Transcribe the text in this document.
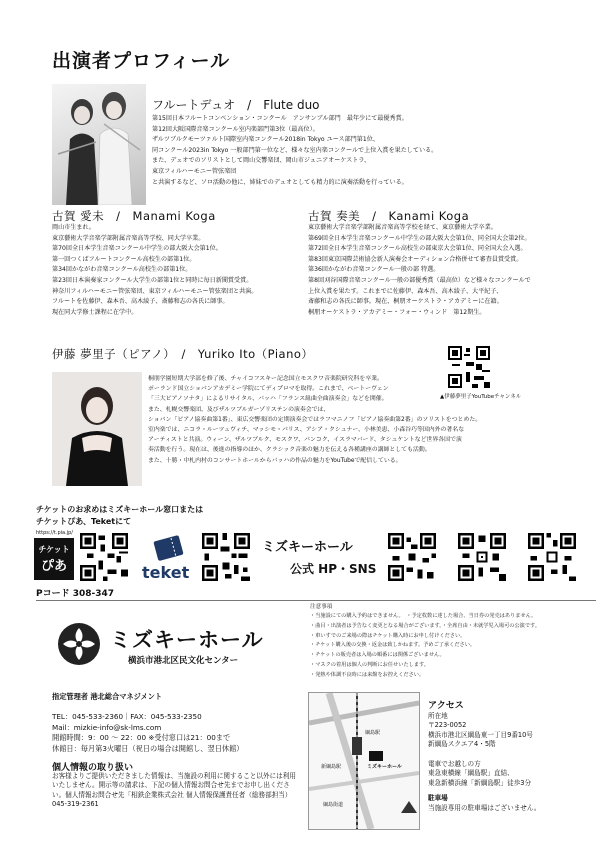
出演者プロフィール
フルートデュオ　/　Flute duo
第15回日本フルートコンベンション・コンクール　アンサンブル部門　最年少にて最優秀賞。
第12回大阪国際音楽コンクール室内楽部門第3位（最高位）。
ザルツブルクモーツァルト国際室内楽コンクール2018in Tokyo ユース部門第1位、
同コンクール2023in Tokyo 一般部門第一位など、様々な室内楽コンクールで上位入賞を果たしている。
また、デュオでのソリストとして岡山交響楽団、岡山市ジュニアオーケストラ、
東京フィルハーモニー管弦楽団
と共演するなど、ソロ活動の他に、姉妹でのデュオとしても精力的に演奏活動を行っている。
古賀 愛未　/　Manami Koga
岡山市生まれ。
東京藝術大学音楽学部附属音楽高等学校、同大学卒業。
第70回全日本学生音楽コンクール中学生の部大阪大会第1位。
第一回つくばフルートコンクール高校生の部第1位。
第34回かながわ音楽コンクール高校生の部第1位。
第23回日本演奏家コンクール大学生の部第1位と同時に毎日新聞賞受賞。
神奈川フィルハーモニー管弦楽団、東京フィルハーモニー管弦楽団と共演。
フルートを佐藤伊、森本吾、高木綾子、斎藤和志の各氏に師事。
現在同大学修士課程に在学中。
古賀 奏美　/　Kanami Koga
東京藝術大学音楽学部附属音楽高等学校を経て、東京藝術大学卒業。
第69回全日本学生音楽コンクール中学生の部大阪大会第1位、同全国大会第2位。
第72回全日本学生音楽コンクール高校生の部東京大会第1位、同全国大会入選。
第83回東京国際芸術協会新人演奏会オーディション合格併せて審査員賞受賞。
第36回かながわ音楽コンクール一般の部 特選。
第8回刈谷国際音楽コンクール一般の部優秀賞（最高位）など様々なコンクールで
上位入賞を果たす。これまでに佐藤伊、森本吾、高木綾子、大平紀子、
斎藤和志の各氏に師事。現在、桐朋オーケストラ・アカデミーに在籍。
桐朋オーケストラ・アカデミー・フォー・ウィンド　第12期生。
伊藤 夢里子（ピアノ）　/　Yuriko Ito（Piano）
▲伊藤夢里子YouTubeチャンネル
桐朋学園短期大学部を修了後、チャイコフスキー記念国立モスクワ音楽院研究科を卒業。
ポーランド国立ショパンアカデミー学院にてディプロマを取得。これまで、ベートーヴェン
「三大ピアノソナタ」によるリサイタル、バッハ「フランス組曲全曲演奏会」などを開催。
また、札幌交響楽団、及びザルツブルガーゾリステンの演奏会では、
ショパン「ピアノ協奏曲第1番」、東広交響楽団の定期演奏会ではラフマニノフ「ピアノ協奏曲第2番」のソリストをつとめた。
室内楽では、ニコラ・ルーツェヴィチ、マッシモ・パリス、アシア・クシュナー、小林美恵、小森谷巧等国内外の著名な
アーティストと共演。ウィーン、ザルツブルク、モスクワ、パンコク、イスラマバード、タシュケントなど世界各国で演
奏活動を行う。現在は、後進の指導のほか、クラシック音楽の魅力を伝える各種講座の講師としても活動。
また、十勝・中札内村のコンサートホールからバッハの作品の魅力をYouTubeで配信している。
チケットのお求めはミズキーホール窓口または
チケットぴあ、Teketにて
https://t.pia.jp/
チケット
ぴあ
Pコード 308-347
teket
ミズキーホール
公式 HP・SNS
ミズキーホール
横浜市港北区民文化センター
指定管理者 港北総合マネジメント
TEL：045-533-2360｜FAX：045-533-2350
Mail：mizkie-info@sk-lms.com
開館時間：9：00 ～ 22：00 ※受付窓口は21：00まで
休館日：毎月第3火曜日（祝日の場合は開館し、翌日休館）
個人情報の取り扱い
お客様よりご提供いただきました情報は、当施設の利用に関すること以外には利用いたしません。開示等の請求は、下記の個人情報お問合せ先までお申し出ください。個人情報お問合せ先「相鉄企業株式会社 個人情報保護責任者（総務部担当）045-319-2361
注意事項
・当施設にての購入予約はできません。　・予定枚数に達した場合、当日券の発売はありません。
・曲目・出演者は予告なく変更となる場合がございます。・全席自由・未就学児入場可の公演です。
・車いすでのご来場の際はチケット購入時にお申し付けください。
・チケット購入後の交換・返金は致しかねます。予めご了承ください。
・チケットの販売者は入場の順番には関係ございません。
・マスクの着用は個人の判断にお任せいたします。
・発熱や体調不良時には来館をお控えください。
綱島駅
新綱島駅	ミズキーホール
綱島街道
アクセス
所在地
〒223-0052
横浜市港北区綱島東一丁目9番10号
新綱島スクエア4・5階
電車でお越しの方
東急東横線「綱島駅」直結、
東急新横浜線「新綱島駅」徒歩3分
駐車場
当施設専用の駐車場はございません。
